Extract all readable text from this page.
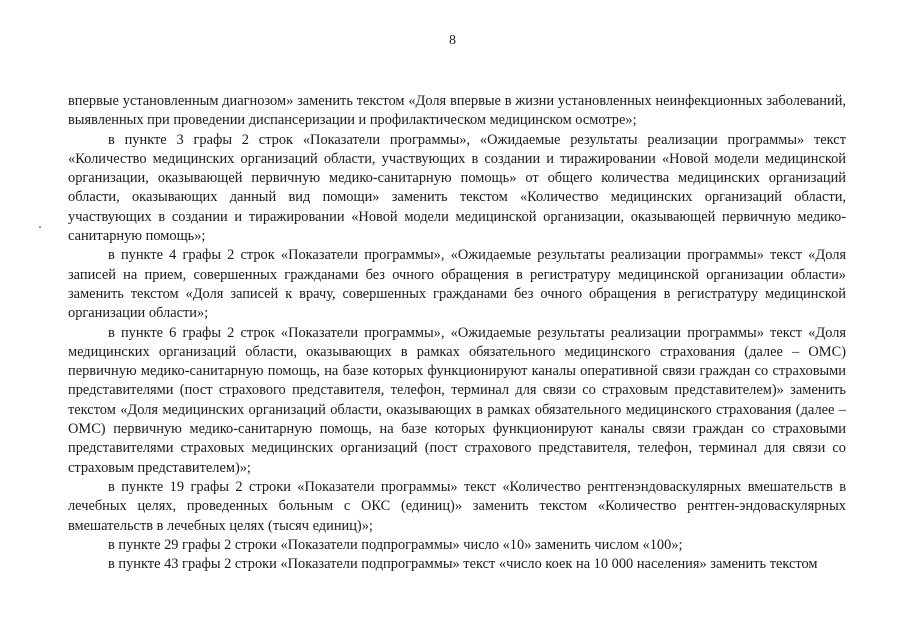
8

впервые установленным диагнозом» заменить текстом «Доля впервые в жизни установленных неинфекционных заболеваний, выявленных при проведении диспансеризации и профилактическом медицинском осмотре»;

в пункте 3 графы 2 строк «Показатели программы», «Ожидаемые результаты реализации программы» текст «Количество медицинских организаций области, участвующих в создании и тиражировании «Новой модели медицинской организации, оказывающей первичную медико-санитарную помощь» от общего количества медицинских организаций области, оказывающих данный вид помощи» заменить текстом «Количество медицинских организаций области, участвующих в создании и тиражировании «Новой модели медицинской организации, оказывающей первичную медико-санитарную помощь»;

в пункте 4 графы 2 строк «Показатели программы», «Ожидаемые результаты реализации программы» текст «Доля записей на прием, совершенных гражданами без очного обращения в регистратуру медицинской организации области» заменить текстом «Доля записей к врачу, совершенных гражданами без очного обращения в регистратуру медицинской организации области»;

в пункте 6 графы 2 строк «Показатели программы», «Ожидаемые результаты реализации программы» текст «Доля медицинских организаций области, оказывающих в рамках обязательного медицинского страхования (далее – ОМС) первичную медико-санитарную помощь, на базе которых функционируют каналы оперативной связи граждан со страховыми представителями (пост страхового представителя, телефон, терминал для связи со страховым представителем)» заменить текстом «Доля медицинских организаций области, оказывающих в рамках обязательного медицинского страхования (далее – ОМС) первичную медико-санитарную помощь, на базе которых функционируют каналы связи граждан со страховыми представителями страховых медицинских организаций (пост страхового представителя, телефон, терминал для связи со страховым представителем)»;

в пункте 19 графы 2 строки «Показатели программы» текст «Количество рентгенэндоваскулярных вмешательств в лечебных целях, проведенных больным с ОКС (единиц)» заменить текстом «Количество рентген-эндоваскулярных вмешательств в лечебных целях (тысяч единиц)»;

в пункте 29 графы 2 строки «Показатели подпрограммы» число «10» заменить числом «100»;

в пункте 43 графы 2 строки «Показатели подпрограммы» текст «число коек на 10 000 населения» заменить текстом
